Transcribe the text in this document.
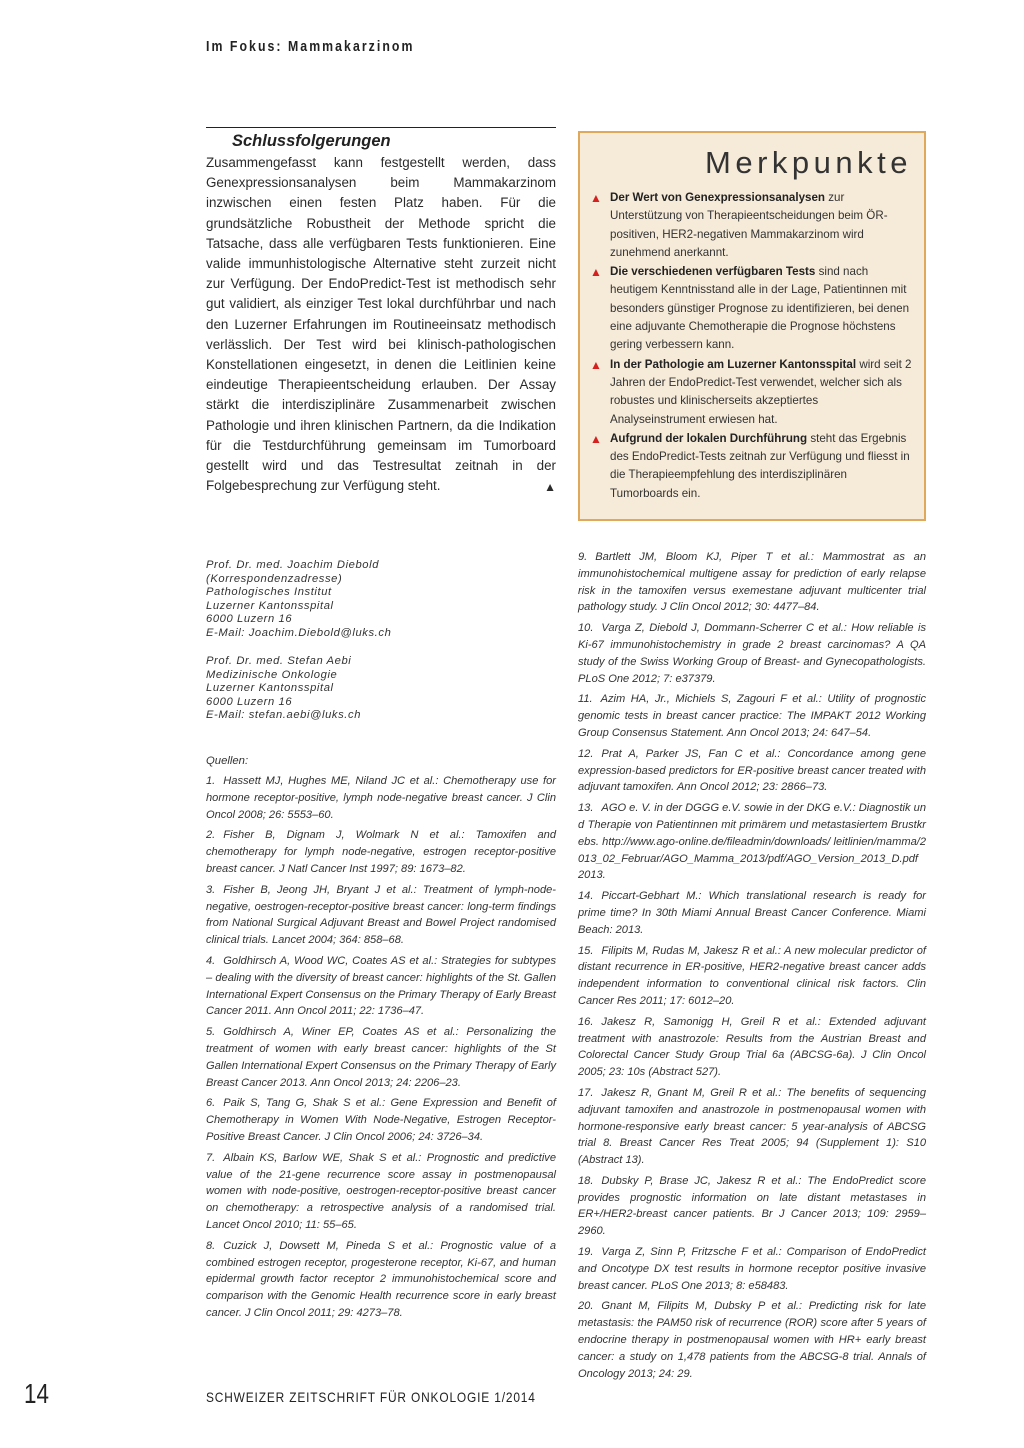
Im Fokus: Mammakarzinom
Schlussfolgerungen
Zusammengefasst kann festgestellt werden, dass Genexpressionsanalysen beim Mammakarzinom inzwischen einen festen Platz haben. Für die grundsätzliche Robustheit der Methode spricht die Tatsache, dass alle verfügbaren Tests funktionieren. Eine valide immunhistologische Alternative steht zurzeit nicht zur Verfügung. Der EndoPredict-Test ist methodisch sehr gut validiert, als einziger Test lokal durchführbar und nach den Luzerner Erfahrungen im Routineeinsatz methodisch verlässlich. Der Test wird bei klinisch-pathologischen Konstellationen eingesetzt, in denen die Leitlinien keine eindeutige Therapieentscheidung erlauben. Der Assay stärkt die interdisziplinäre Zusammenarbeit zwischen Pathologie und ihren klinischen Partnern, da die Indikation für die Testdurchführung gemeinsam im Tumorboard gestellt wird und das Testresultat zeitnah in der Folgebesprechung zur Verfügung steht.	▲
Prof. Dr. med. Joachim Diebold
(Korrespondenzadresse)
Pathologisches Institut
Luzerner Kantonsspital
6000 Luzern 16
E-Mail: Joachim.Diebold@luks.ch
Prof. Dr. med. Stefan Aebi
Medizinische Onkologie
Luzerner Kantonsspital
6000 Luzern 16
E-Mail: stefan.aebi@luks.ch
Quellen:
1. Hassett MJ, Hughes ME, Niland JC et al.: Chemotherapy use for hormone receptor-positive, lymph node-negative breast cancer. J Clin Oncol 2008; 26: 5553–60.
2. Fisher B, Dignam J, Wolmark N et al.: Tamoxifen and chemotherapy for lymph node-negative, estrogen receptor-positive breast cancer. J Natl Cancer Inst 1997; 89: 1673–82.
3. Fisher B, Jeong JH, Bryant J et al.: Treatment of lymph-node-negative, oestrogen-receptor-positive breast cancer: long-term findings from National Surgical Adjuvant Breast and Bowel Project randomised clinical trials. Lancet 2004; 364: 858–68.
4. Goldhirsch A, Wood WC, Coates AS et al.: Strategies for subtypes – dealing with the diversity of breast cancer: highlights of the St. Gallen International Expert Consensus on the Primary Therapy of Early Breast Cancer 2011. Ann Oncol 2011; 22: 1736–47.
5. Goldhirsch A, Winer EP, Coates AS et al.: Personalizing the treatment of women with early breast cancer: highlights of the St Gallen International Expert Consensus on the Primary Therapy of Early Breast Cancer 2013. Ann Oncol 2013; 24: 2206–23.
6. Paik S, Tang G, Shak S et al.: Gene Expression and Benefit of Chemotherapy in Women With Node-Negative, Estrogen Receptor-Positive Breast Cancer. J Clin Oncol 2006; 24: 3726–34.
7. Albain KS, Barlow WE, Shak S et al.: Prognostic and predictive value of the 21-gene recurrence score assay in postmenopausal women with node-positive, oestrogen-receptor-positive breast cancer on chemotherapy: a retrospective analysis of a randomised trial. Lancet Oncol 2010; 11: 55–65.
8. Cuzick J, Dowsett M, Pineda S et al.: Prognostic value of a combined estrogen receptor, progesterone receptor, Ki-67, and human epidermal growth factor receptor 2 immunohistochemical score and comparison with the Genomic Health recurrence score in early breast cancer. J Clin Oncol 2011; 29: 4273–78.
Merkpunkte
▲ Der Wert von Genexpressionsanalysen zur Unterstützung von Therapieentscheidungen beim ÖR-positiven, HER2-negativen Mammakarzinom wird zunehmend anerkannt.
▲ Die verschiedenen verfügbaren Tests sind nach heutigem Kenntnisstand alle in der Lage, Patientinnen mit besonders günstiger Prognose zu identifizieren, bei denen eine adjuvante Chemotherapie die Prognose höchstens gering verbessern kann.
▲ In der Pathologie am Luzerner Kantonsspital wird seit 2 Jahren der EndoPredict-Test verwendet, welcher sich als robustes und klinischerseits akzeptiertes Analyseinstrument erwiesen hat.
▲ Aufgrund der lokalen Durchführung steht das Ergebnis des EndoPredict-Tests zeitnah zur Verfügung und fliesst in die Therapieempfehlung des interdisziplinären Tumorboards ein.
9. Bartlett JM, Bloom KJ, Piper T et al.: Mammostrat as an immunohistochemical multigene assay for prediction of early relapse risk in the tamoxifen versus exemestane adjuvant multicenter trial pathology study. J Clin Oncol 2012; 30: 4477–84.
10. Varga Z, Diebold J, Dommann-Scherrer C et al.: How reliable is Ki-67 immunohistochemistry in grade 2 breast carcinomas? A QA study of the Swiss Working Group of Breast- and Gynecopathologists. PLoS One 2012; 7: e37379.
11. Azim HA, Jr., Michiels S, Zagouri F et al.: Utility of prognostic genomic tests in breast cancer practice: The IMPAKT 2012 Working Group Consensus Statement. Ann Oncol 2013; 24: 647–54.
12. Prat A, Parker JS, Fan C et al.: Concordance among gene expression-based predictors for ER-positive breast cancer treated with adjuvant tamoxifen. Ann Oncol 2012; 23: 2866–73.
13. AGO e. V. in der DGGG e.V. sowie in der DKG e.V.: Diagnostik und Therapie von Patientinnen mit primärem und metastasiertem Brustkrebs. http://www.ago-online.de/fileadmin/downloads/ leitlinien/mamma/2013_02_Februar/AGO_Mamma_2013/pdf/AGO_Version_2013_D.pdf 2013.
14. Piccart-Gebhart M.: Which translational research is ready for prime time? In 30th Miami Annual Breast Cancer Conference. Miami Beach: 2013.
15. Filipits M, Rudas M, Jakesz R et al.: A new molecular predictor of distant recurrence in ER-positive, HER2-negative breast cancer adds independent information to conventional clinical risk factors. Clin Cancer Res 2011; 17: 6012–20.
16. Jakesz R, Samonigg H, Greil R et al.: Extended adjuvant treatment with anastrozole: Results from the Austrian Breast and Colorectal Cancer Study Group Trial 6a (ABCSG-6a). J Clin Oncol 2005; 23: 10s (Abstract 527).
17. Jakesz R, Gnant M, Greil R et al.: The benefits of sequencing adjuvant tamoxifen and anastrozole in postmenopausal women with hormone-responsive early breast cancer: 5 year-analysis of ABCSG trial 8. Breast Cancer Res Treat 2005; 94 (Supplement 1): S10 (Abstract 13).
18. Dubsky P, Brase JC, Jakesz R et al.: The EndoPredict score provides prognostic information on late distant metastases in ER+/HER2-breast cancer patients. Br J Cancer 2013; 109: 2959–2960.
19. Varga Z, Sinn P, Fritzsche F et al.: Comparison of EndoPredict and Oncotype DX test results in hormone receptor positive invasive breast cancer. PLoS One 2013; 8: e58483.
20. Gnant M, Filipits M, Dubsky P et al.: Predicting risk for late metastasis: the PAM50 risk of recurrence (ROR) score after 5 years of endocrine therapy in postmenopausal women with HR+ early breast cancer: a study on 1,478 patients from the ABCSG-8 trial. Annals of Oncology 2013; 24: 29.
14	SCHWEIZER ZEITSCHRIFT FÜR ONKOLOGIE 1/2014
